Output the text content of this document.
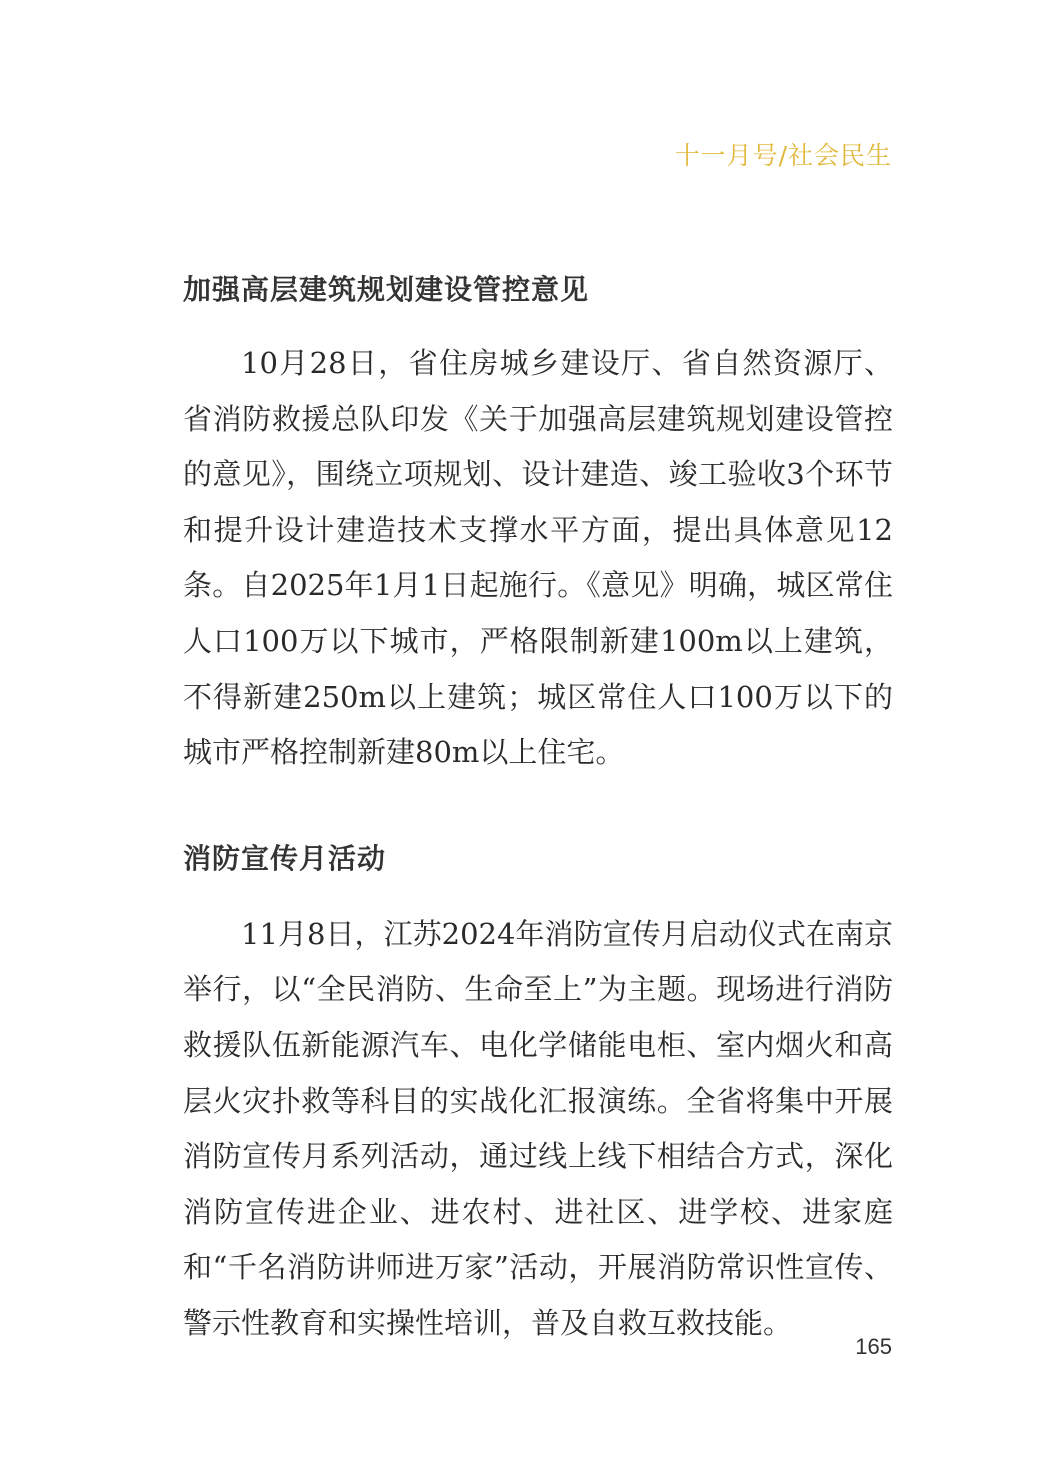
十一月号/社会民生
加强高层建筑规划建设管控意见

10月28日，省住房城乡建设厅、省自然资源厅、省消防救援总队印发《关于加强高层建筑规划建设管控的意见》，围绕立项规划、设计建造、竣工验收3个环节和提升设计建造技术支撑水平方面，提出具体意见12条。自2025年1月1日起施行。《意见》明确，城区常住人口100万以下城市，严格限制新建100m以上建筑，不得新建250m以上建筑；城区常住人口100万以下的城市严格控制新建80m以上住宅。

消防宣传月活动

11月8日，江苏2024年消防宣传月启动仪式在南京举行，以“全民消防、生命至上”为主题。现场进行消防救援队伍新能源汽车、电化学储能电柜、室内烟火和高层火灾扑救等科目的实战化汇报演练。全省将集中开展消防宣传月系列活动，通过线上线下相结合方式，深化消防宣传进企业、进农村、进社区、进学校、进家庭和“千名消防讲师进万家”活动，开展消防常识性宣传、警示性教育和实操性培训，普及自救互救技能。

165
